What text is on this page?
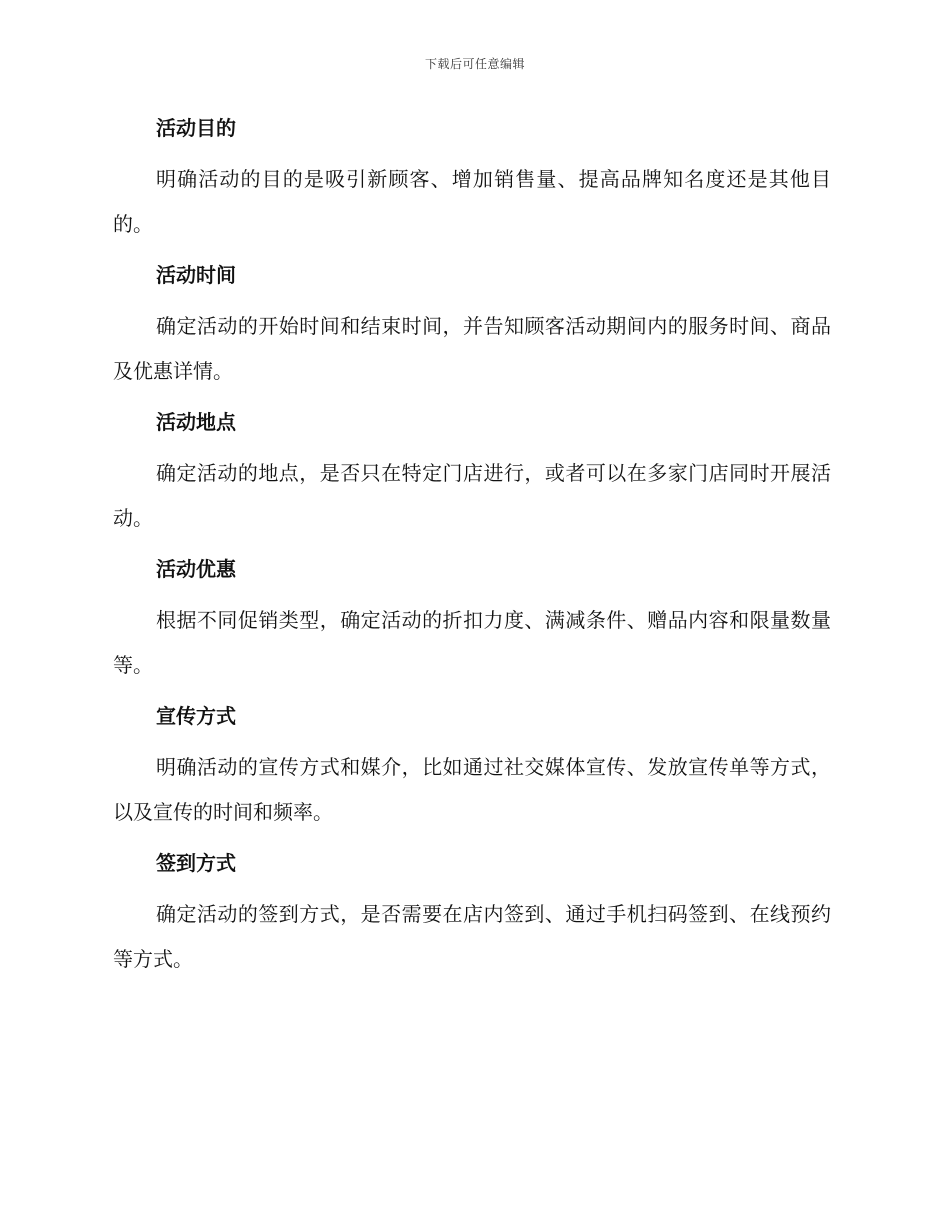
下载后可任意编辑
活动目的

明确活动的目的是吸引新顾客、增加销售量、提高品牌知名度还是其他目的。

活动时间

确定活动的开始时间和结束时间，并告知顾客活动期间内的服务时间、商品及优惠详情。

活动地点

确定活动的地点，是否只在特定门店进行，或者可以在多家门店同时开展活动。

活动优惠

根据不同促销类型，确定活动的折扣力度、满减条件、赠品内容和限量数量等。

宣传方式

明确活动的宣传方式和媒介，比如通过社交媒体宣传、发放宣传单等方式，以及宣传的时间和频率。

签到方式

确定活动的签到方式，是否需要在店内签到、通过手机扫码签到、在线预约等方式。
